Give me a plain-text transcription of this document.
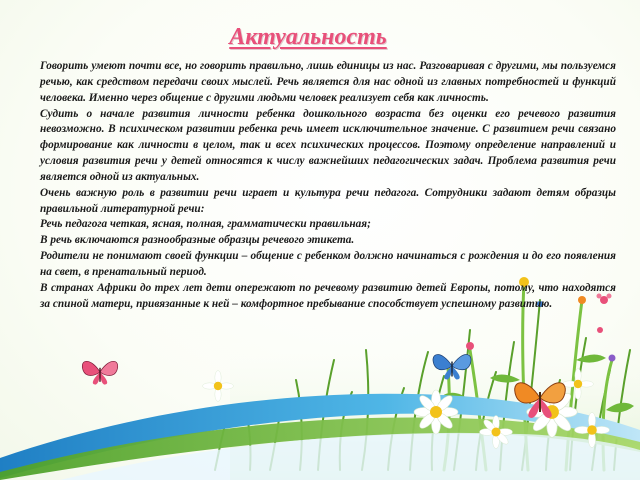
Актуальность

Говорить умеют почти все, но говорить правильно, лишь единицы из нас. Разговаривая с другими, мы пользуемся речью, как средством передачи своих мыслей. Речь является для нас одной из главных потребностей и функций человека. Именно через общение с другими людьми человек реализует себя как личность.

Судить о начале развития личности ребенка дошкольного возраста без оценки его речевого развития невозможно. В психическом развитии ребенка речь имеет исключительное значение. С развитием речи связано формирование как личности в целом, так и всех психических процессов. Поэтому определение направлений и условия развития речи у детей относятся к числу важнейших педагогических задач. Проблема развития речи является одной из актуальных.

Очень важную роль в развитии речи играет и культура речи педагога. Сотрудники задают детям образцы правильной литературной речи:

Речь педагога четкая, ясная, полная, грамматически правильная;

В речь включаются разнообразные образцы речевого этикета.

Родители не понимают своей функции – общение с ребенком должно начинаться с рождения и до его появления на свет, в пренатальный период.

В странах Африки до трех лет дети опережают по речевому развитию детей Европы, потому, что находятся за спиной матери, привязанные к ней – комфортное пребывание способствует успешному развитию.
